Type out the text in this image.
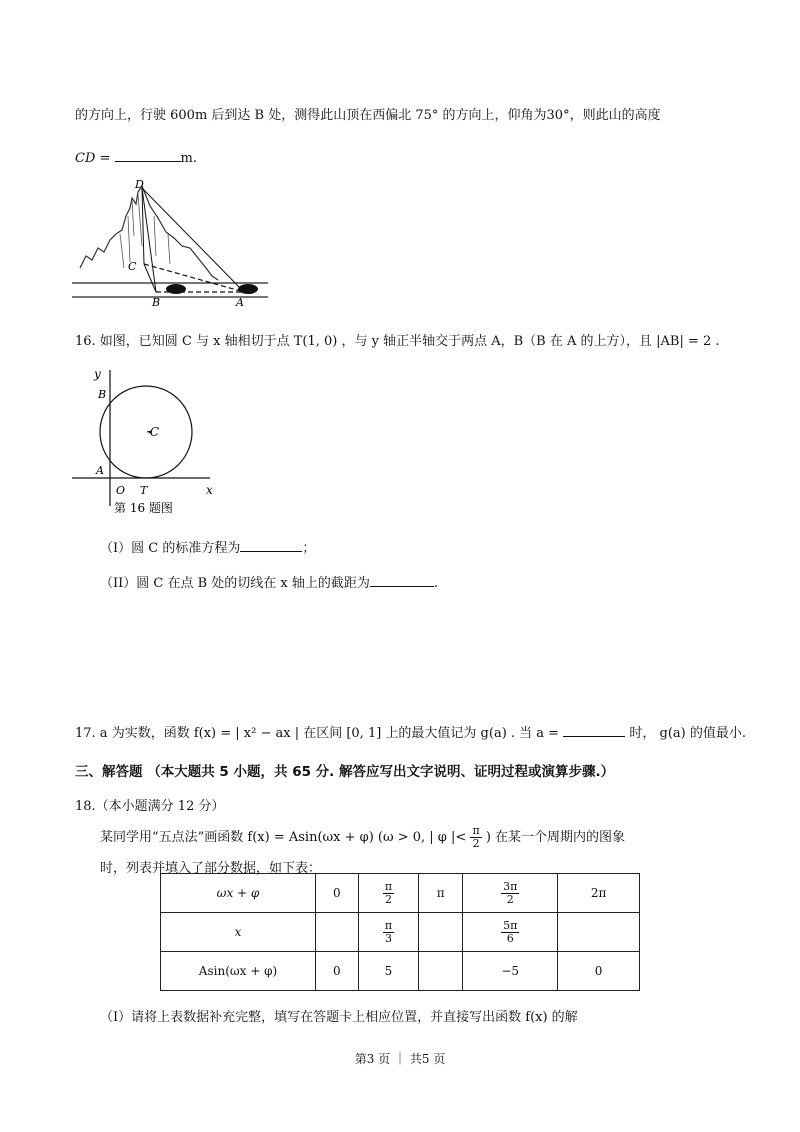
的方向上，行驶 600m 后到达 B 处，测得此山顶在西偏北 75° 的方向上，仰角为30°，则此山的高度
CD =	m.
D
C
B	A
16. 如图，已知圆 C 与 x 轴相切于点 T(1, 0) ，与 y 轴正半轴交于两点 A，B（B 在 A 的上方），且 |AB| = 2 .
y
B
·C
A
O T	x
第 16 题图
（I）圆 C 的标准方程为	；
（II）圆 C 在点 B 处的切线在 x 轴上的截距为	.
17. a 为实数，函数 f(x) = | x² − ax | 在区间 [0, 1] 上的最大值记为 g(a) . 当 a =	时， g(a) 的值最小.
三、解答题 （本大题共 5 小题，共 65 分. 解答应写出文字说明、证明过程或演算步骤.）
18.（本小题满分 12 分）
某同学用“五点法”画函数 f(x) = Asin(ωx + φ) (ω > 0, | φ |< $\frac{\pi}{2}$ ) 在某一个周期内的图象
时，列表并填入了部分数据，如下表：
ωx + φ	0	$\frac{\pi}{2}$	π	$\frac{3\pi}{2}$	2π
x		$\frac{\pi}{3}$		$\frac{5\pi}{6}$

Asin(ωx + φ)	0	5		−5	0
（Ⅰ）请将上表数据补充完整，填写在答题卡上相应位置，并直接写出函数 f(x) 的解
第3 页 ｜ 共5 页
